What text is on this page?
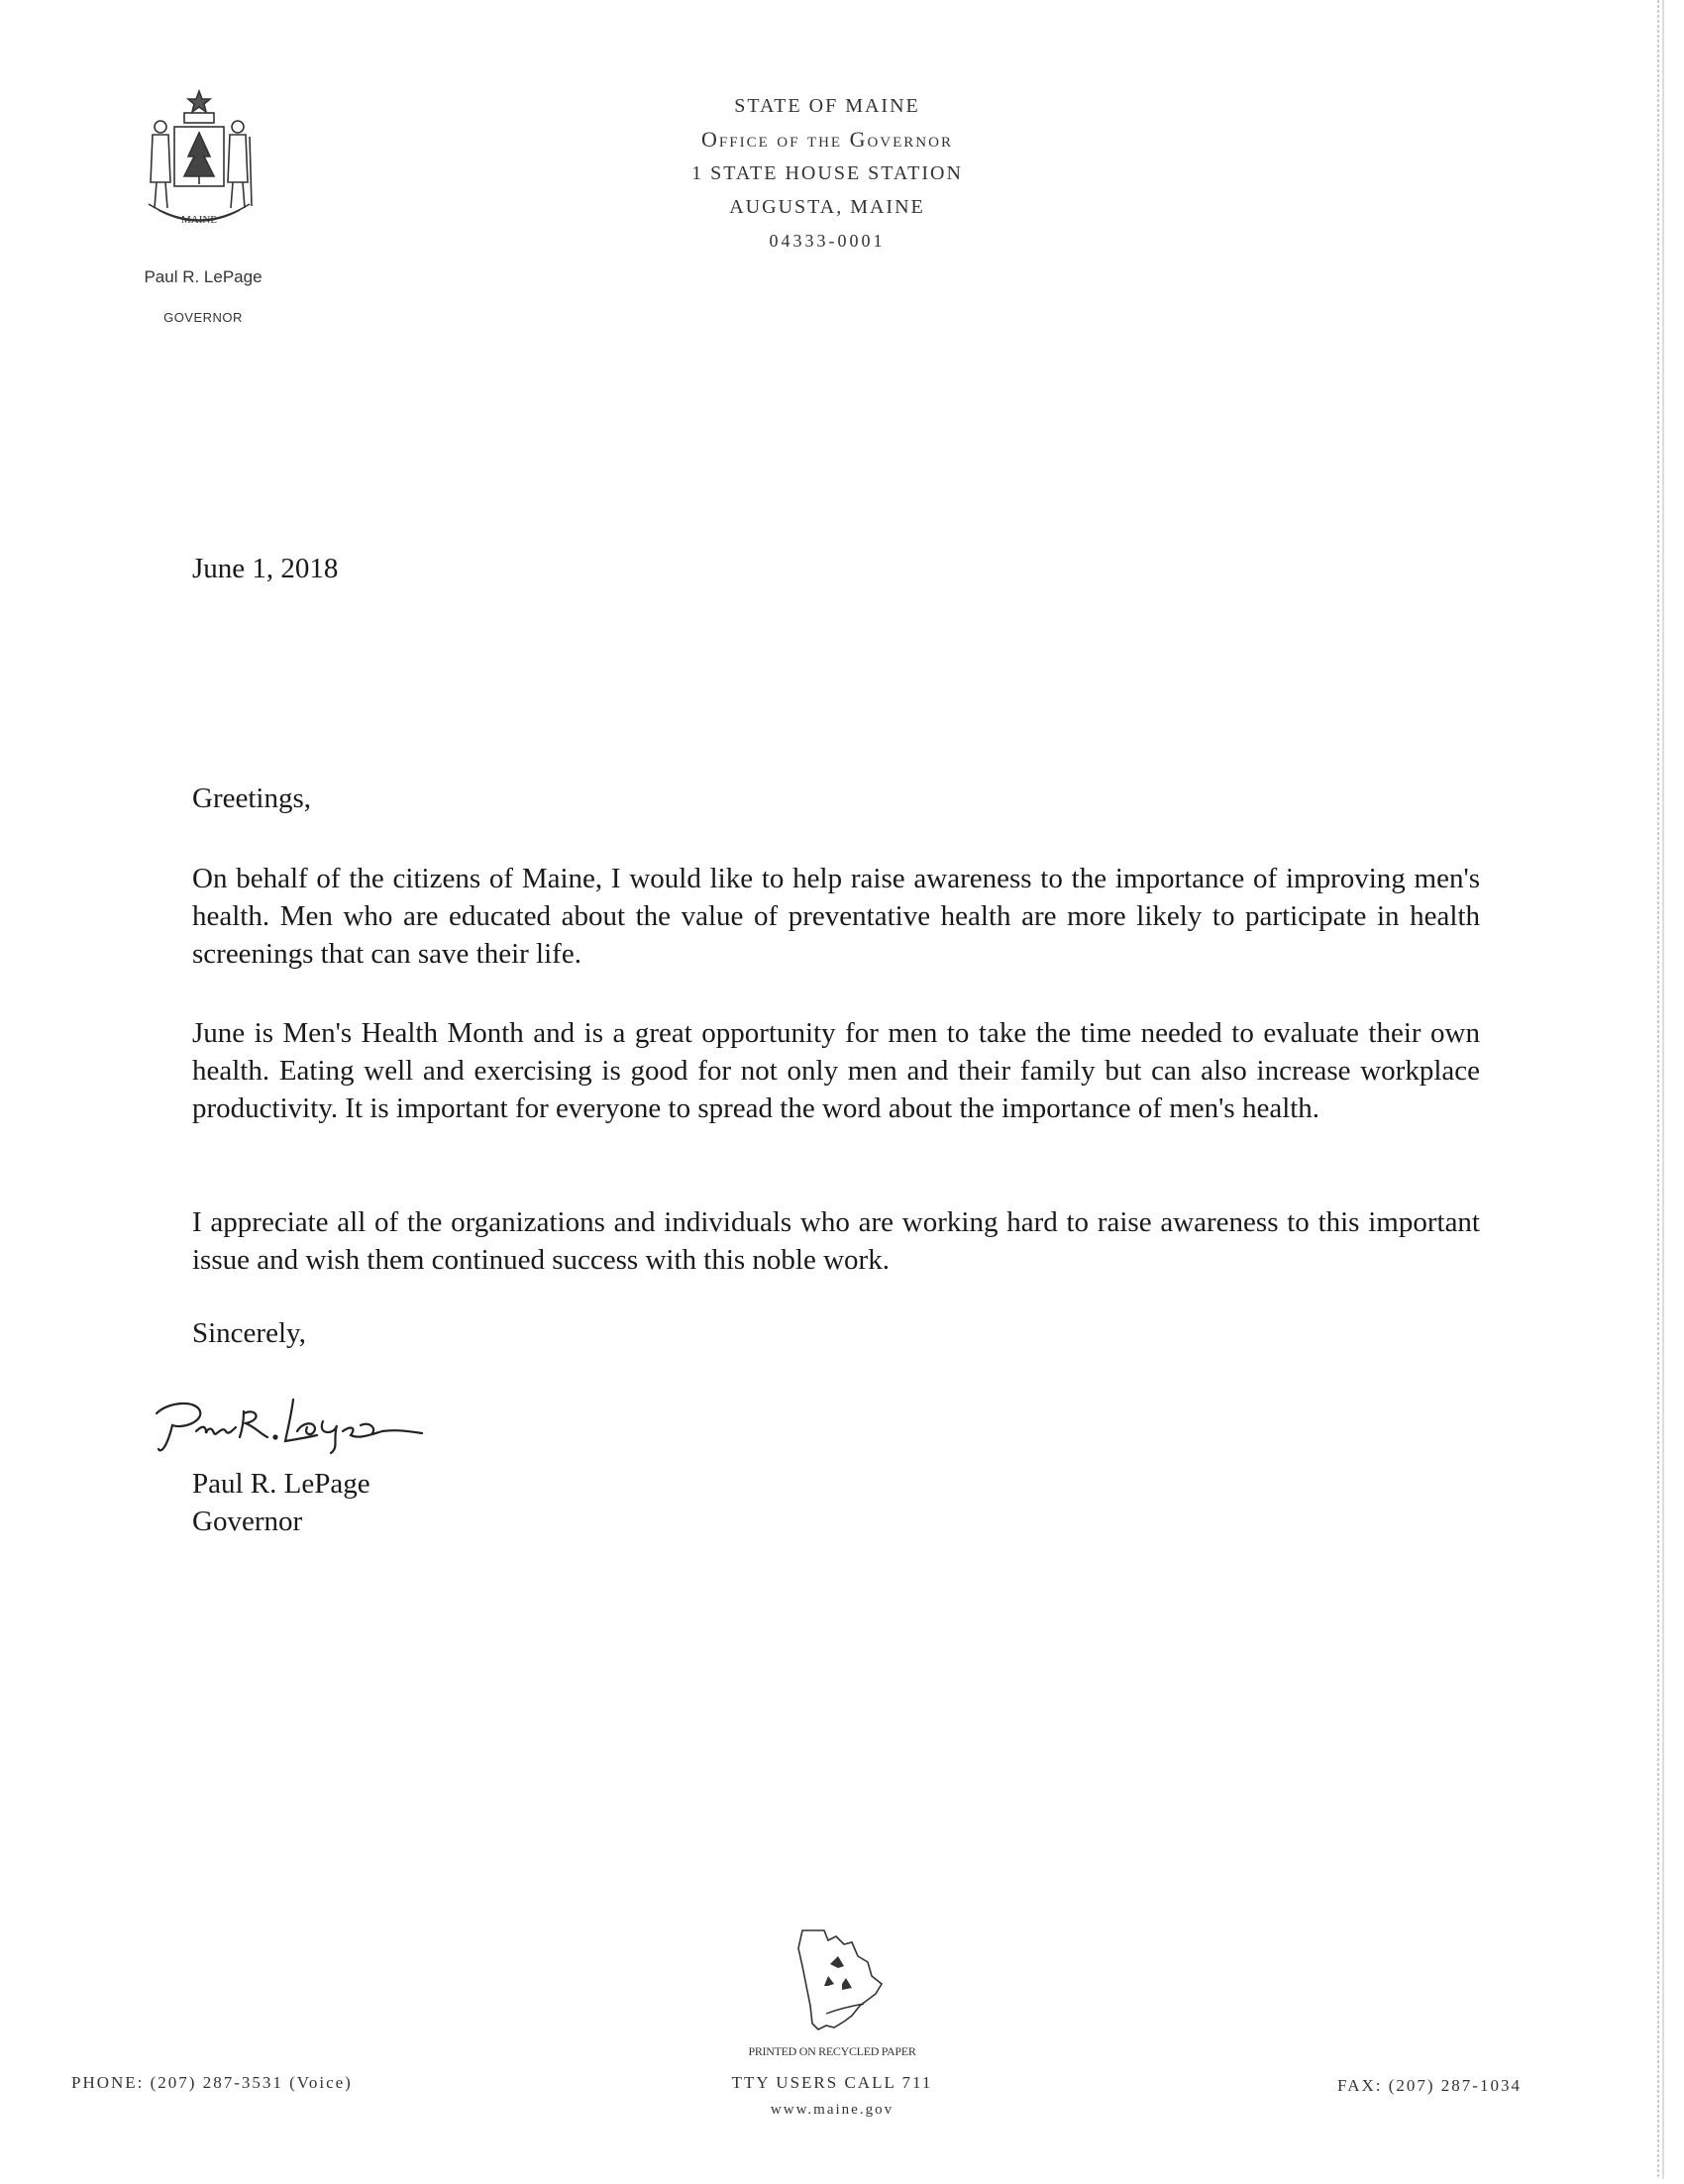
MAINE
Paul R. LePage
GOVERNOR
STATE OF MAINE
Office of the Governor
1 STATE HOUSE STATION
AUGUSTA, MAINE
04333-0001
June 1, 2018
Greetings,
On behalf of the citizens of Maine, I would like to help raise awareness to the importance of improving men's health. Men who are educated about the value of preventative health are more likely to participate in health screenings that can save their life.
June is Men's Health Month and is a great opportunity for men to take the time needed to evaluate their own health. Eating well and exercising is good for not only men and their family but can also increase workplace productivity. It is important for everyone to spread the word about the importance of men's health.
I appreciate all of the organizations and individuals who are working hard to raise awareness to this important issue and wish them continued success with this noble work.
Sincerely,
Paul R. LePage
Governor
PRINTED ON RECYCLED PAPER
PHONE: (207) 287-3531 (Voice)	TTY USERS CALL 711
www.maine.gov
FAX: (207) 287-1034
